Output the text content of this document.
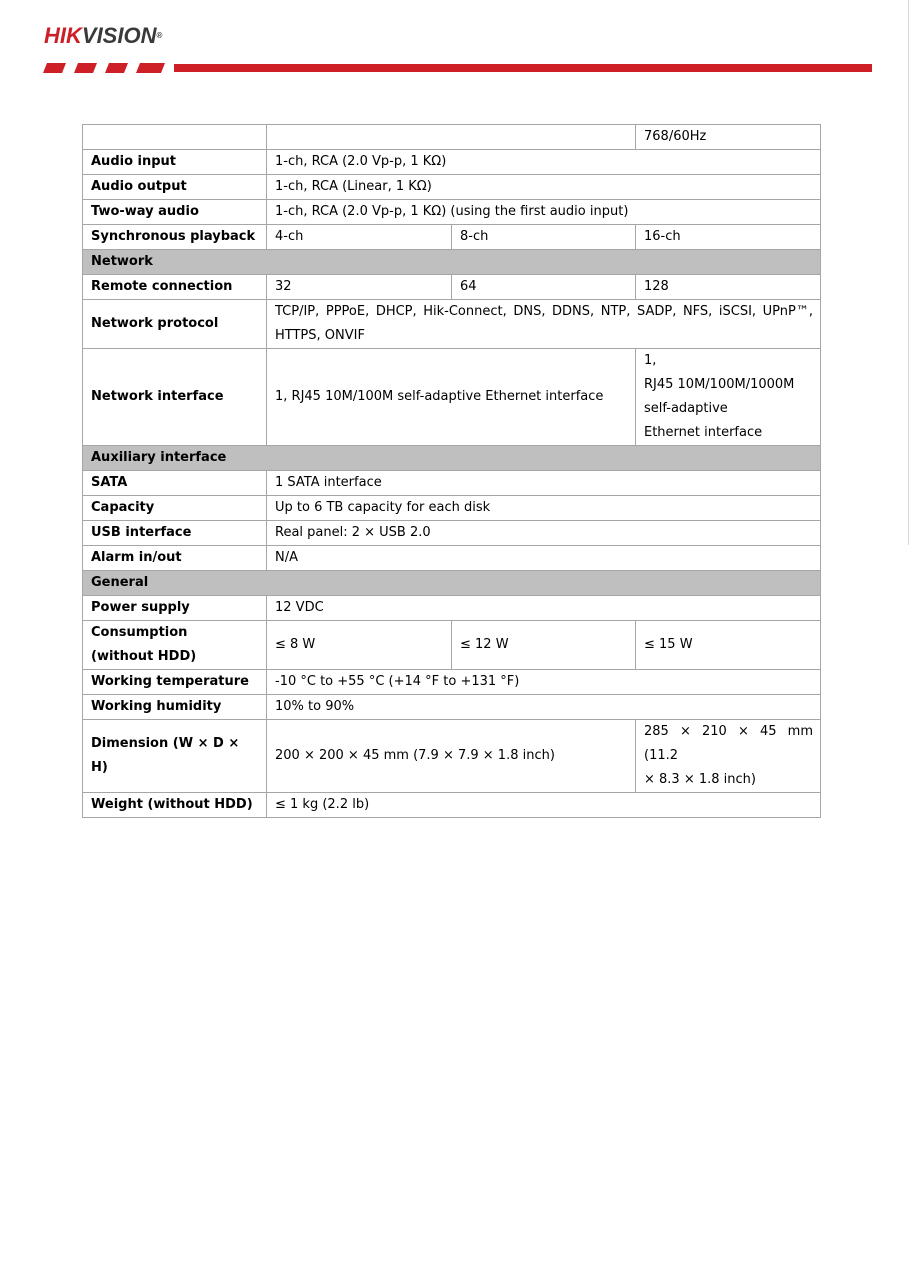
HIKVISION®
			768/60Hz
Audio input	1-ch, RCA (2.0 Vp-p, 1 KΩ)		
Audio output	1-ch, RCA (Linear, 1 KΩ)		
Two-way audio	1-ch, RCA (2.0 Vp-p, 1 KΩ) (using the first audio input)		
Synchronous playback	4-ch	8-ch	16-ch
Network			
Remote connection	32	64	128
Network protocol	TCP/IP, PPPoE, DHCP, Hik-Connect, DNS, DDNS, NTP, SADP, NFS, iSCSI, UPnP™,
HTTPS, ONVIF		

Network interface	1, RJ45 10M/100M self-adaptive Ethernet interface		1,
RJ45 10M/100M/1000M
self-adaptive
Ethernet interface

Auxiliary interface			
SATA	1 SATA interface		
Capacity	Up to 6 TB capacity for each disk		
USB interface	Real panel: 2 × USB 2.0		
Alarm in/out	N/A		
General			
Power supply	12 VDC		

Consumption
(without HDD)	≤ 8 W	≤ 12 W	≤ 15 W
Working temperature	-10 °C to +55 °C (+14 °F to +131 °F)		
Working humidity	10% to 90%		
Dimension (W × D × H)	200 × 200 × 45 mm (7.9 × 7.9 × 1.8 inch)		285 × 210 × 45 mm (11.2
× 8.3 × 1.8 inch)

Weight (without HDD)	≤ 1 kg (2.2 lb)		
